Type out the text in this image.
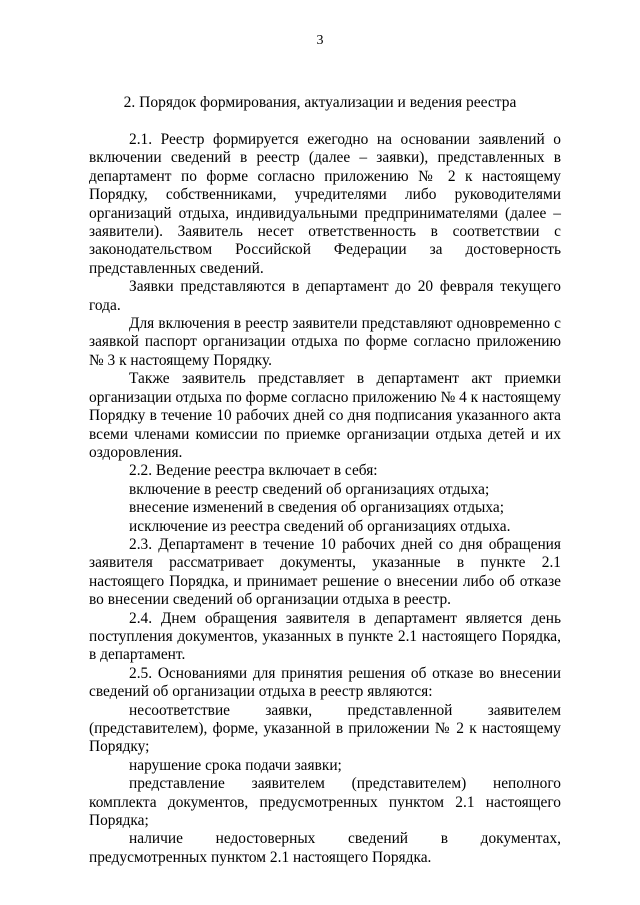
3
2. Порядок формирования, актуализации и ведения реестра

2.1. Реестр формируется ежегодно на основании заявлений о включении сведений в реестр (далее – заявки), представленных в департамент по форме согласно приложению № 2 к настоящему Порядку, собственниками, учредителями либо руководителями организаций отдыха, индивидуальными предпринимателями (далее – заявители). Заявитель несет ответственность в соответствии с законодательством Российской Федерации за достоверность представленных сведений.

Заявки представляются в департамент до 20 февраля текущего года.

Для включения в реестр заявители представляют одновременно с заявкой паспорт организации отдыха по форме согласно приложению № 3 к настоящему Порядку.

Также заявитель представляет в департамент акт приемки организации отдыха по форме согласно приложению № 4 к настоящему Порядку в течение 10 рабочих дней со дня подписания указанного акта всеми членами комиссии по приемке организации отдыха детей и их оздоровления.

2.2. Ведение реестра включает в себя:

включение в реестр сведений об организациях отдыха;

внесение изменений в сведения об организациях отдыха;

исключение из реестра сведений об организациях отдыха.

2.3. Департамент в течение 10 рабочих дней со дня обращения заявителя рассматривает документы, указанные в пункте 2.1 настоящего Порядка, и принимает решение о внесении либо об отказе во внесении сведений об организации отдыха в реестр.

2.4. Днем обращения заявителя в департамент является день поступления документов, указанных в пункте 2.1 настоящего Порядка, в департамент.

2.5. Основаниями для принятия решения об отказе во внесении сведений об организации отдыха в реестр являются:

несоответствие заявки, представленной заявителем (представителем), форме, указанной в приложении № 2 к настоящему Порядку;

нарушение срока подачи заявки;

представление заявителем (представителем) неполного комплекта документов, предусмотренных пунктом 2.1 настоящего Порядка;

наличие недостоверных сведений в документах, предусмотренных пунктом 2.1 настоящего Порядка.
